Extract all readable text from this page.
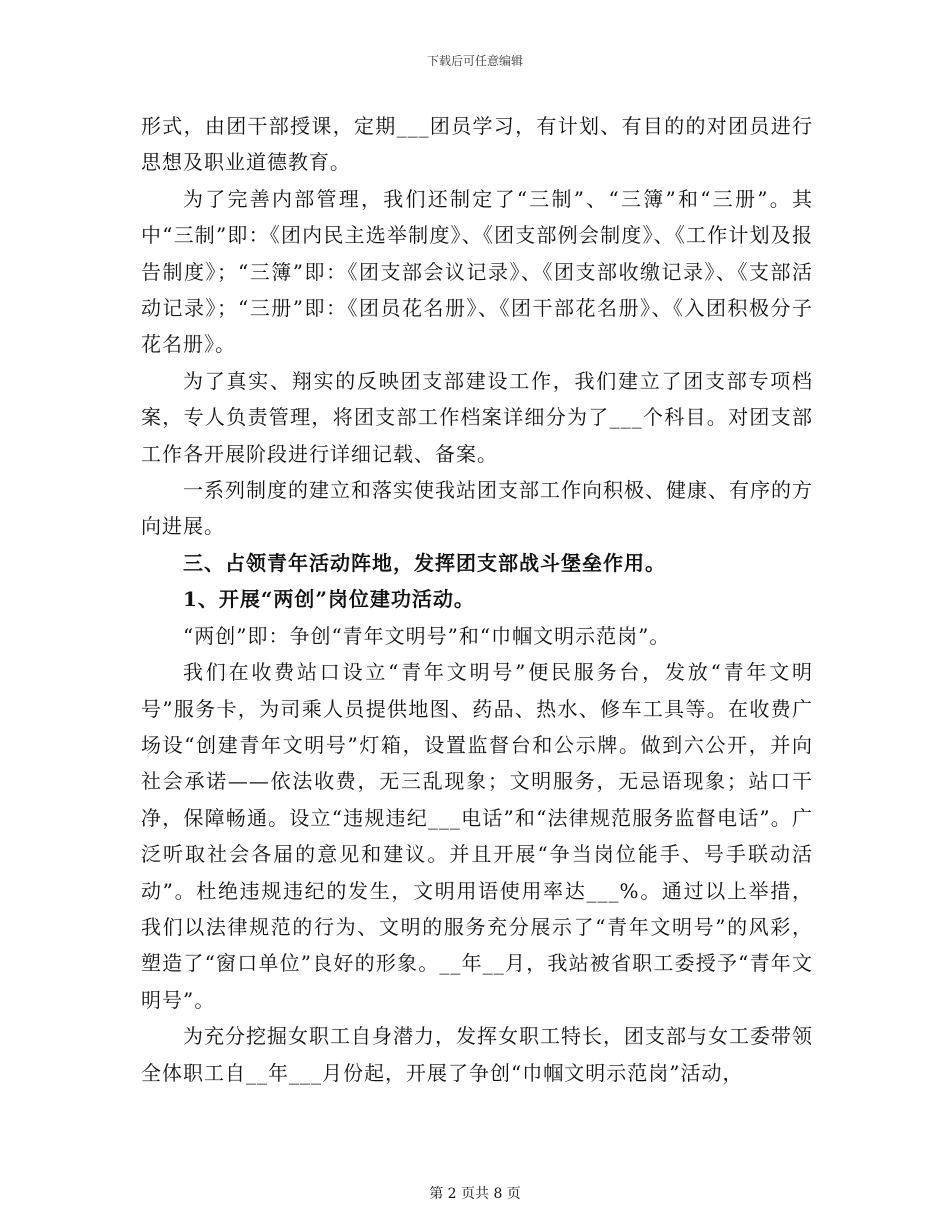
下载后可任意编辑

形式，由团干部授课，定期___团员学习，有计划、有目的的对团员进行思想及职业道德教育。

为了完善内部管理，我们还制定了“三制”、“三簿”和“三册”。其中“三制”即：《团内民主选举制度》、《团支部例会制度》、《工作计划及报告制度》；“三簿”即：《团支部会议记录》、《团支部收缴记录》、《支部活动记录》；“三册”即：《团员花名册》、《团干部花名册》、《入团积极分子花名册》。

为了真实、翔实的反映团支部建设工作，我们建立了团支部专项档案，专人负责管理，将团支部工作档案详细分为了___个科目。对团支部工作各开展阶段进行详细记载、备案。

一系列制度的建立和落实使我站团支部工作向积极、健康、有序的方向进展。

三、占领青年活动阵地，发挥团支部战斗堡垒作用。

1、开展“两创”岗位建功活动。

“两创”即：争创“青年文明号”和“巾帼文明示范岗”。

我们在收费站口设立“青年文明号”便民服务台，发放“青年文明号”服务卡，为司乘人员提供地图、药品、热水、修车工具等。在收费广场设“创建青年文明号”灯箱，设置监督台和公示牌。做到六公开，并向社会承诺——依法收费，无三乱现象；文明服务，无忌语现象；站口干净，保障畅通。设立“违规违纪___电话”和“法律规范服务监督电话”。广泛听取社会各届的意见和建议。并且开展“争当岗位能手、号手联动活动”。杜绝违规违纪的发生，文明用语使用率达___%。通过以上举措，我们以法律规范的行为、文明的服务充分展示了“青年文明号”的风彩，塑造了“窗口单位”良好的形象。__年__月，我站被省职工委授予“青年文明号”。

为充分挖掘女职工自身潜力，发挥女职工特长，团支部与女工委带领全体职工自__年___月份起，开展了争创“巾帼文明示范岗”活动，

第 2 页共 8 页
